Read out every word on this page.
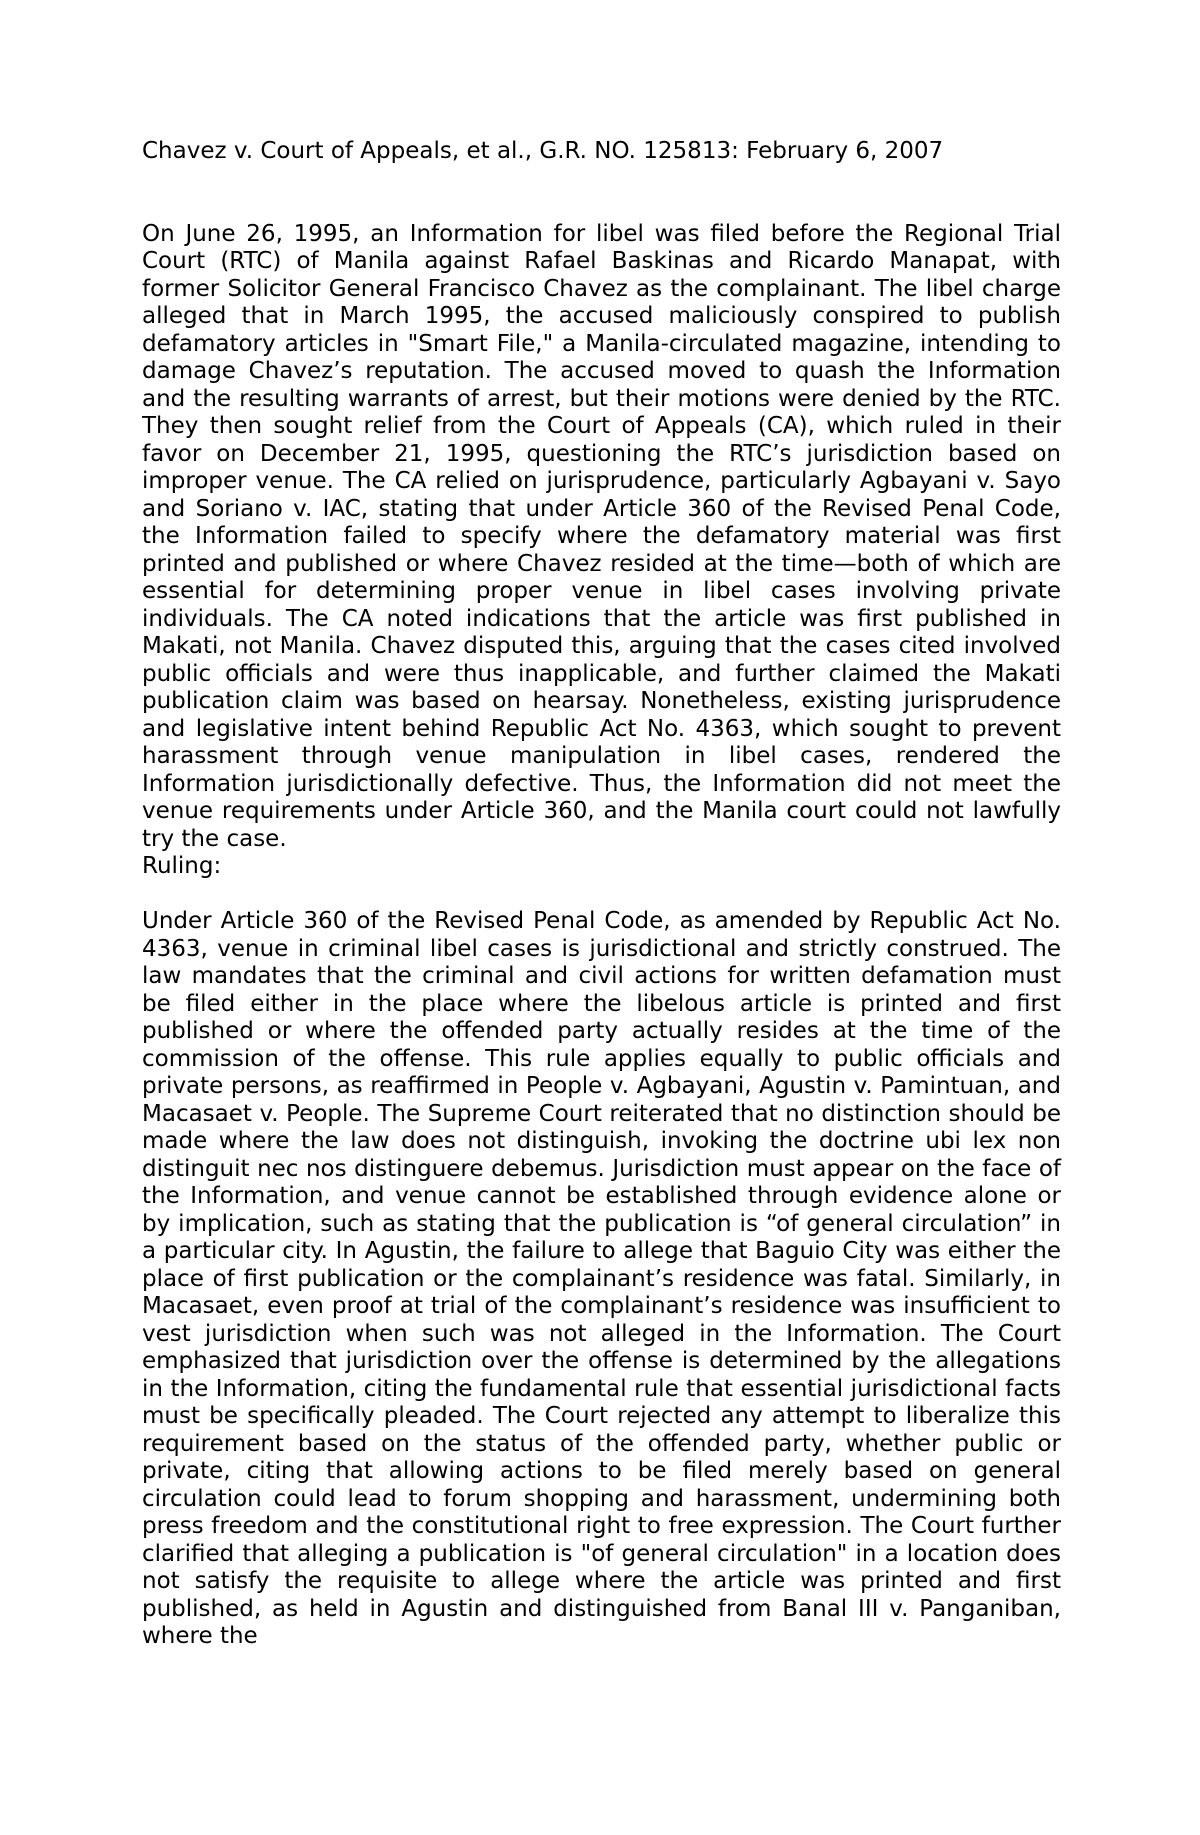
Chavez v. Court of Appeals, et al., G.R. NO. 125813: February 6, 2007

On June 26, 1995, an Information for libel was filed before the Regional Trial Court (RTC) of Manila against Rafael Baskinas and Ricardo Manapat, with former Solicitor General Francisco Chavez as the complainant. The libel charge alleged that in March 1995, the accused maliciously conspired to publish defamatory articles in "Smart File," a Manila-circulated magazine, intending to damage Chavez’s reputation. The accused moved to quash the Information and the resulting warrants of arrest, but their motions were denied by the RTC. They then sought relief from the Court of Appeals (CA), which ruled in their favor on December 21, 1995, questioning the RTC’s jurisdiction based on improper venue. The CA relied on jurisprudence, particularly Agbayani v. Sayo and Soriano v. IAC, stating that under Article 360 of the Revised Penal Code, the Information failed to specify where the defamatory material was first printed and published or where Chavez resided at the time—both of which are essential for determining proper venue in libel cases involving private individuals. The CA noted indications that the article was first published in Makati, not Manila. Chavez disputed this, arguing that the cases cited involved public officials and were thus inapplicable, and further claimed the Makati publication claim was based on hearsay. Nonetheless, existing jurisprudence and legislative intent behind Republic Act No. 4363, which sought to prevent harassment through venue manipulation in libel cases, rendered the Information jurisdictionally defective. Thus, the Information did not meet the venue requirements under Article 360, and the Manila court could not lawfully try the case.

Ruling:

Under Article 360 of the Revised Penal Code, as amended by Republic Act No. 4363, venue in criminal libel cases is jurisdictional and strictly construed. The law mandates that the criminal and civil actions for written defamation must be filed either in the place where the libelous article is printed and first published or where the offended party actually resides at the time of the commission of the offense. This rule applies equally to public officials and private persons, as reaffirmed in People v. Agbayani, Agustin v. Pamintuan, and Macasaet v. People. The Supreme Court reiterated that no distinction should be made where the law does not distinguish, invoking the doctrine ubi lex non distinguit nec nos distinguere debemus. Jurisdiction must appear on the face of the Information, and venue cannot be established through evidence alone or by implication, such as stating that the publication is “of general circulation” in a particular city. In Agustin, the failure to allege that Baguio City was either the place of first publication or the complainant’s residence was fatal. Similarly, in Macasaet, even proof at trial of the complainant’s residence was insufficient to vest jurisdiction when such was not alleged in the Information. The Court emphasized that jurisdiction over the offense is determined by the allegations in the Information, citing the fundamental rule that essential jurisdictional facts must be specifically pleaded. The Court rejected any attempt to liberalize this requirement based on the status of the offended party, whether public or private, citing that allowing actions to be filed merely based on general circulation could lead to forum shopping and harassment, undermining both press freedom and the constitutional right to free expression. The Court further clarified that alleging a publication is "of general circulation" in a location does not satisfy the requisite to allege where the article was printed and first published, as held in Agustin and distinguished from Banal III v. Panganiban, where the
